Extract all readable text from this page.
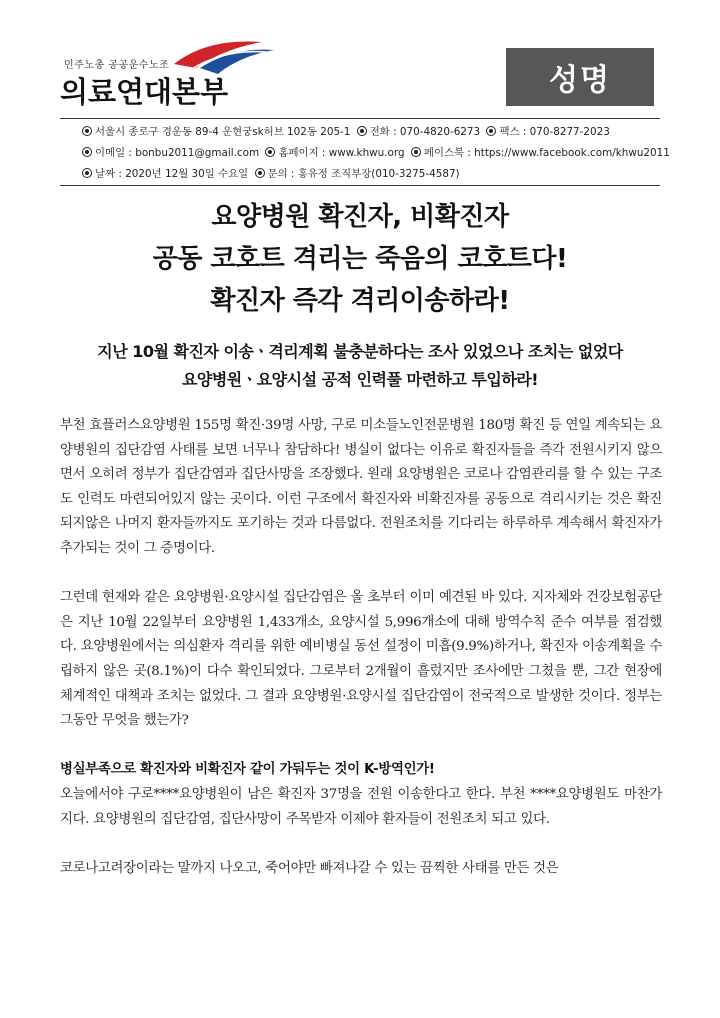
민주노총 공공운수노조
의료연대본부	성명
서울시 종로구 경운동 89-4 운현궁sk허브 102동 205-1 전화 : 070-4820-6273 팩스 : 070-8277-2023
이메일 : bonbu2011@gmail.com 홈페이지 : www.khwu.org 페이스북 : https://www.facebook.com/khwu2011
날짜 : 2020년 12월 30일 수요일 문의 : 홍유정 조직부장(010-3275-4587)
요양병원 확진자, 비확진자
공동 코호트 격리는 죽음의 코호트다!
확진자 즉각 격리이송하라!
지난 10월 확진자 이송ㆍ격리계획 불충분하다는 조사 있었으나 조치는 없었다
요양병원ㆍ요양시설 공적 인력풀 마련하고 투입하라!

부천 효플러스요양병원 155명 확진·39명 사망, 구로 미소들노인전문병원 180명 확진 등 연일 계속되는 요양병원의 집단감염 사태를 보면 너무나 참담하다! 병실이 없다는 이유로 확진자들을 즉각 전원시키지 않으면서 오히려 정부가 집단감염과 집단사망을 조장했다. 원래 요양병원은 코로나 감염관리를 할 수 있는 구조도 인력도 마련되어있지 않는 곳이다. 이런 구조에서 확진자와 비확진자를 공동으로 격리시키는 것은 확진되지않은 나머지 환자들까지도 포기하는 것과 다름없다. 전원조치를 기다리는 하루하루 계속해서 확진자가 추가되는 것이 그 증명이다.

그런데 현재와 같은 요양병원·요양시설 집단감염은 올 초부터 이미 예견된 바 있다. 지자체와 건강보험공단은 지난 10월 22일부터 요양병원 1,433개소, 요양시설 5,996개소에 대해 방역수칙 준수 여부를 점검했다. 요양병원에서는 의심환자 격리를 위한 예비병실 동선 설정이 미흡(9.9%)하거나, 확진자 이송계획을 수립하지 않은 곳(8.1%)이 다수 확인되었다. 그로부터 2개월이 흘렀지만 조사에만 그쳤을 뿐, 그간 현장에 체계적인 대책과 조치는 없었다. 그 결과 요양병원·요양시설 집단감염이 전국적으로 발생한 것이다. 정부는 그동안 무엇을 했는가?

병실부족으로 확진자와 비확진자 같이 가둬두는 것이 K-방역인가!

오늘에서야 구로****요양병원이 남은 확진자 37명을 전원 이송한다고 한다. 부천 ****요양병원도 마찬가지다. 요양병원의 집단감염, 집단사망이 주목받자 이제야 환자들이 전원조치 되고 있다.

코로나고려장이라는 말까지 나오고, 죽어야만 빠져나갈 수 있는 끔찍한 사태를 만든 것은
